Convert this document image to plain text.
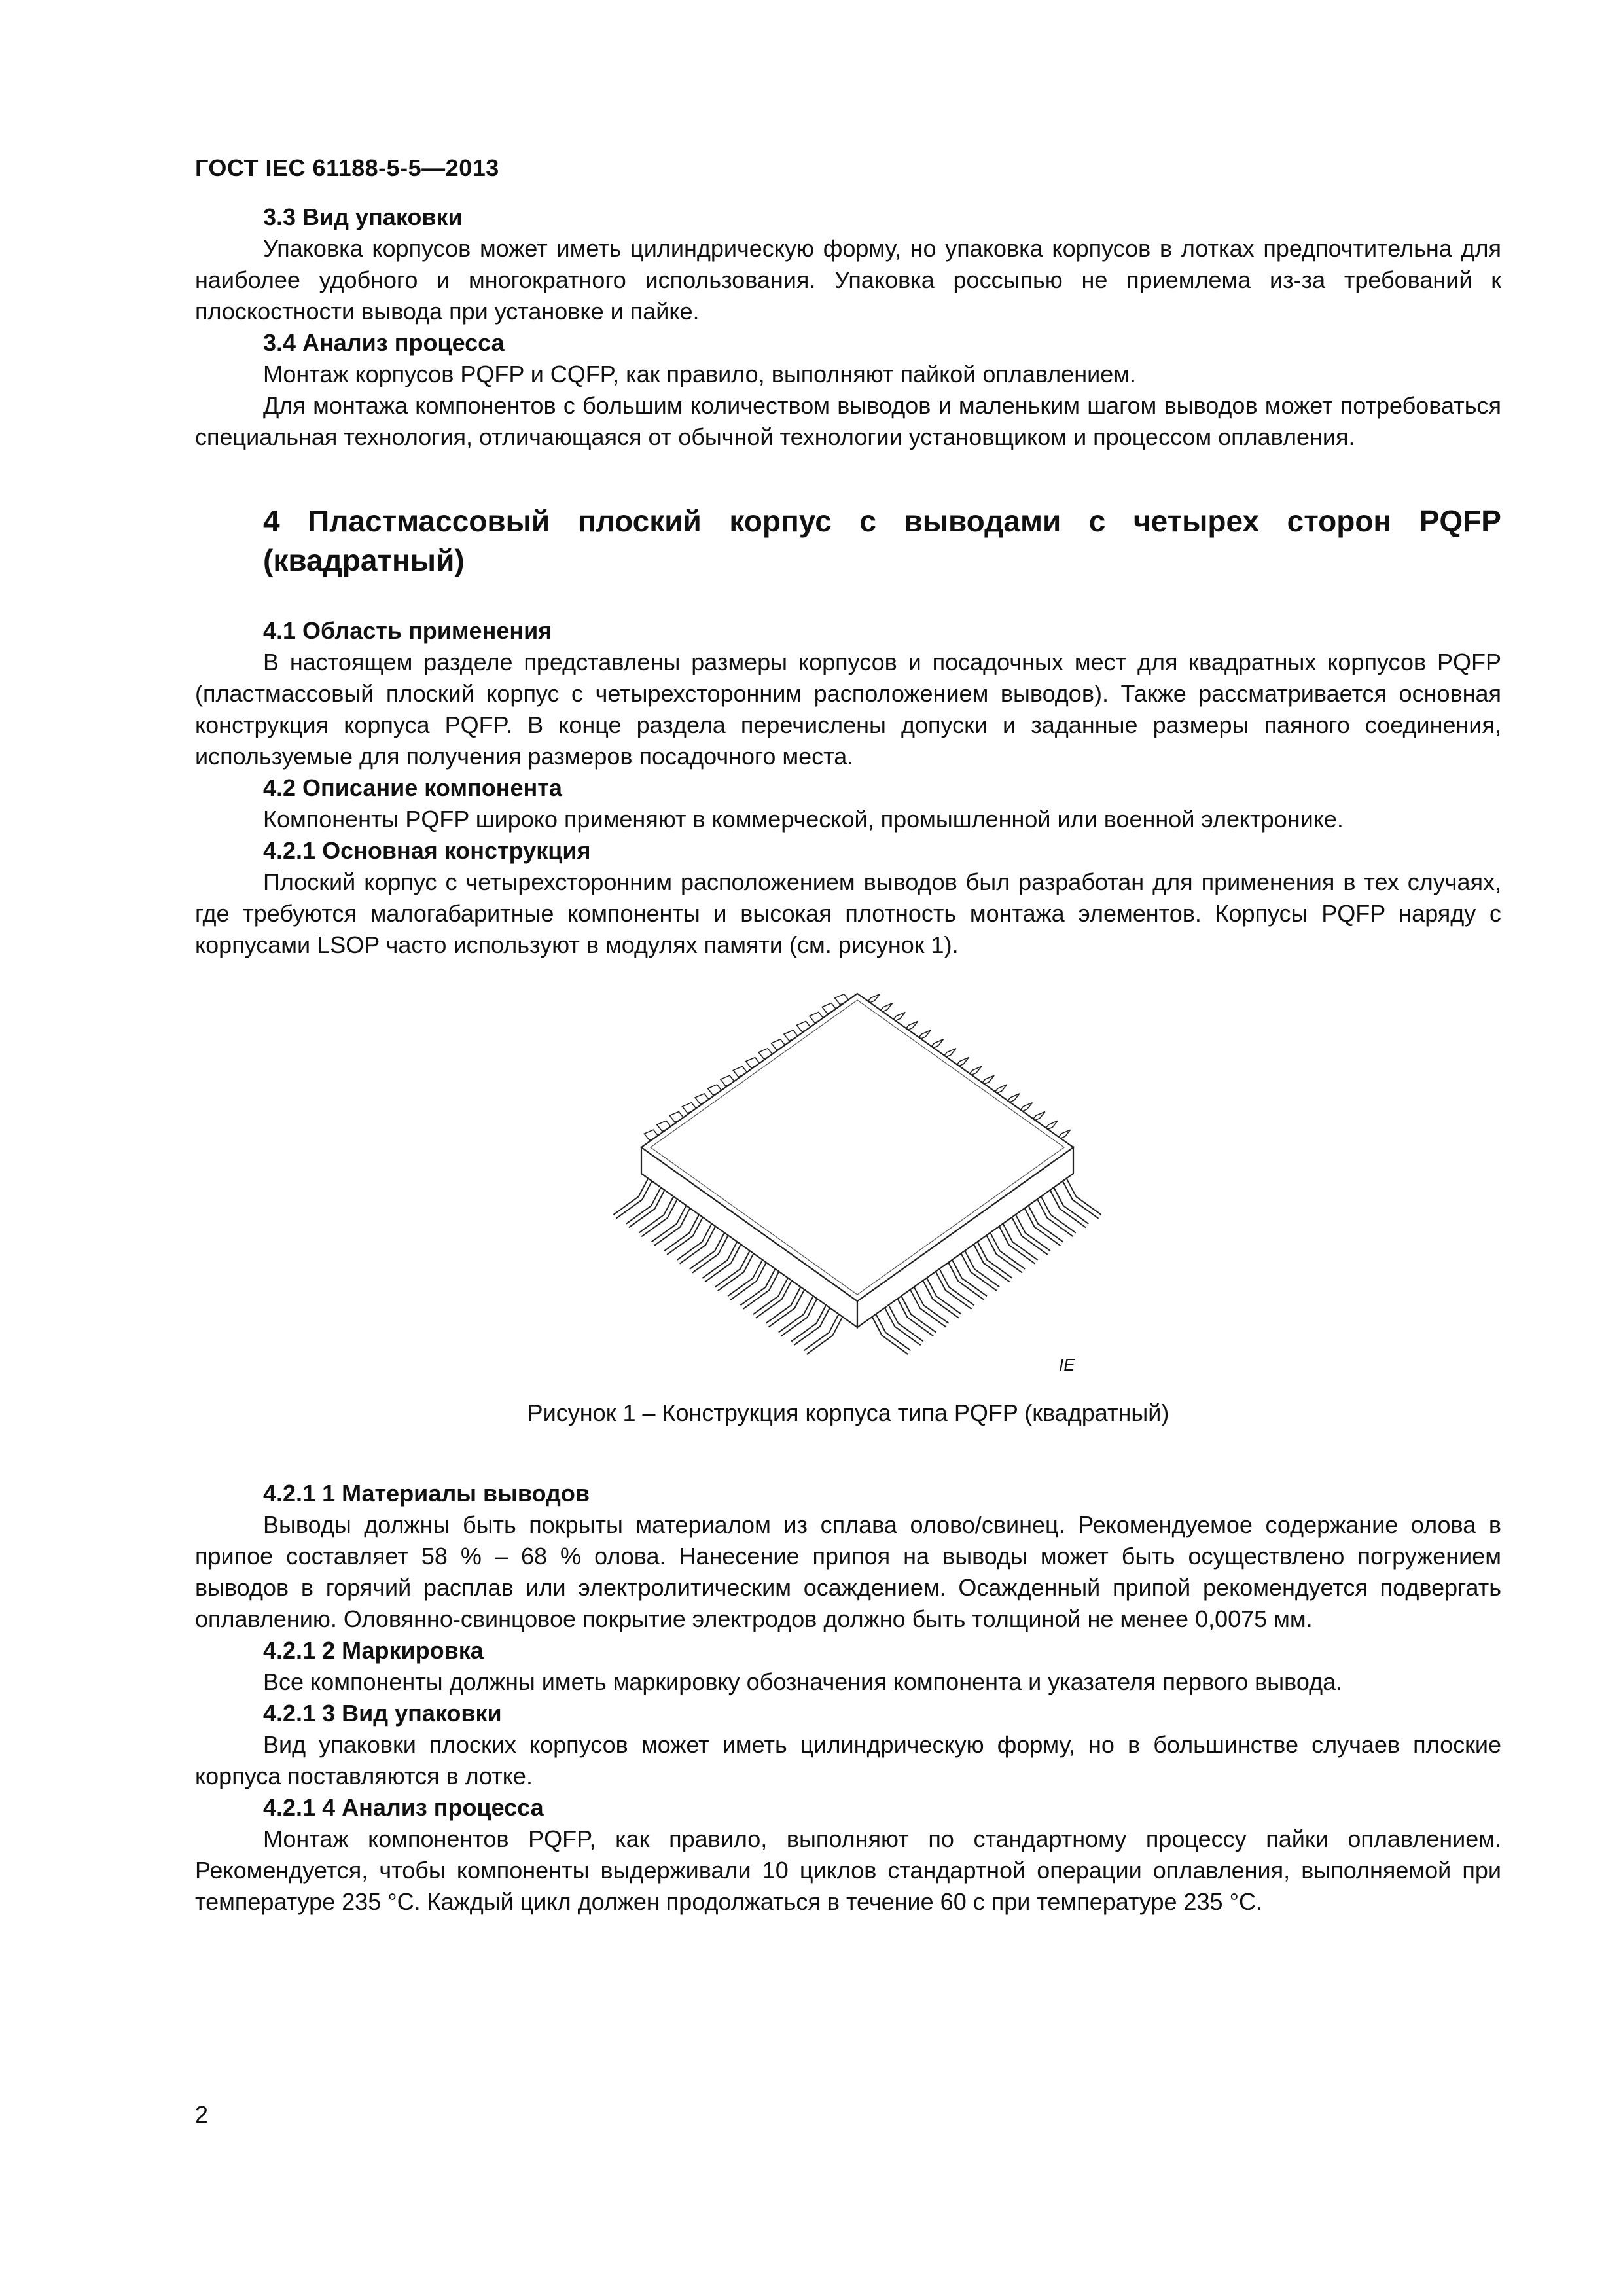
ГОСТ IEC 61188-5-5—2013

3.3 Вид упаковки

Упаковка корпусов может иметь цилиндрическую форму, но упаковка корпусов в лотках предпочтительна для наиболее удобного и многократного использования. Упаковка россыпью не приемлема из-за требований к плоскостности вывода при установке и пайке.

3.4 Анализ процесса

Монтаж корпусов PQFP и CQFP, как правило, выполняют пайкой оплавлением.

Для монтажа компонентов с большим количеством выводов и маленьким шагом выводов может потребоваться специальная технология, отличающаяся от обычной технологии установщиком и процессом оплавления.

4 Пластмассовый плоский корпус с выводами с четырех сторон PQFP (квадратный)

4.1 Область применения

В настоящем разделе представлены размеры корпусов и посадочных мест для квадратных корпусов PQFP (пластмассовый плоский корпус с четырехсторонним расположением выводов). Также рассматривается основная конструкция корпуса PQFP. В конце раздела перечислены допуски и заданные размеры паяного соединения, используемые для получения размеров посадочного места.

4.2 Описание компонента

Компоненты PQFP широко применяют в коммерческой, промышленной или военной электронике.

4.2.1 Основная конструкция

Плоский корпус с четырехсторонним расположением выводов был разработан для применения в тех случаях, где требуются малогабаритные компоненты и высокая плотность монтажа элементов. Корпусы PQFP наряду с корпусами LSOP часто используют в модулях памяти (см. рисунок 1).

IE
Рисунок 1 – Конструкция корпуса типа PQFP (квадратный)

4.2.1 1 Материалы выводов

Выводы должны быть покрыты материалом из сплава олово/свинец. Рекомендуемое содержание олова в припое составляет 58 % – 68 % олова. Нанесение припоя на выводы может быть осуществлено погружением выводов в горячий расплав или электролитическим осаждением. Осажденный припой рекомендуется подвергать оплавлению. Оловянно-свинцовое покрытие электродов должно быть толщиной не менее 0,0075 мм.

4.2.1 2 Маркировка

Все компоненты должны иметь маркировку обозначения компонента и указателя первого вывода.

4.2.1 3 Вид упаковки

Вид упаковки плоских корпусов может иметь цилиндрическую форму, но в большинстве случаев плоские корпуса поставляются в лотке.

4.2.1 4 Анализ процесса

Монтаж компонентов PQFP, как правило, выполняют по стандартному процессу пайки оплавлением. Рекомендуется, чтобы компоненты выдерживали 10 циклов стандартной операции оплавления, выполняемой при температуре 235 °С. Каждый цикл должен продолжаться в течение 60 с при температуре 235 °С.

2
